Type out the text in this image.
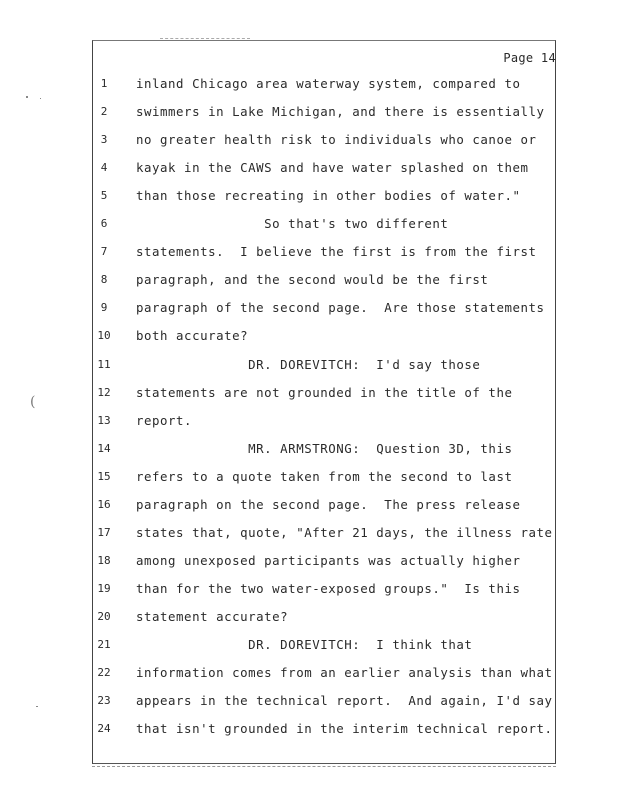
Page 14
(
1	inland Chicago area waterway system, compared to
2	swimmers in Lake Michigan, and there is essentially
3	no greater health risk to individuals who canoe or
4	kayak in the CAWS and have water splashed on them
5	than those recreating in other bodies of water."
6	So that's two different
7	statements.  I believe the first is from the first
8	paragraph, and the second would be the first
9	paragraph of the second page.  Are those statements
10	both accurate?
11	DR. DOREVITCH:  I'd say those
12	statements are not grounded in the title of the
13	report.
14	MR. ARMSTRONG:  Question 3D, this
15	refers to a quote taken from the second to last
16	paragraph on the second page.  The press release
17	states that, quote, "After 21 days, the illness rate
18	among unexposed participants was actually higher
19	than for the two water-exposed groups."  Is this
20	statement accurate?
21	DR. DOREVITCH:  I think that
22	information comes from an earlier analysis than what
23	appears in the technical report.  And again, I'd say
24	that isn't grounded in the interim technical report.
